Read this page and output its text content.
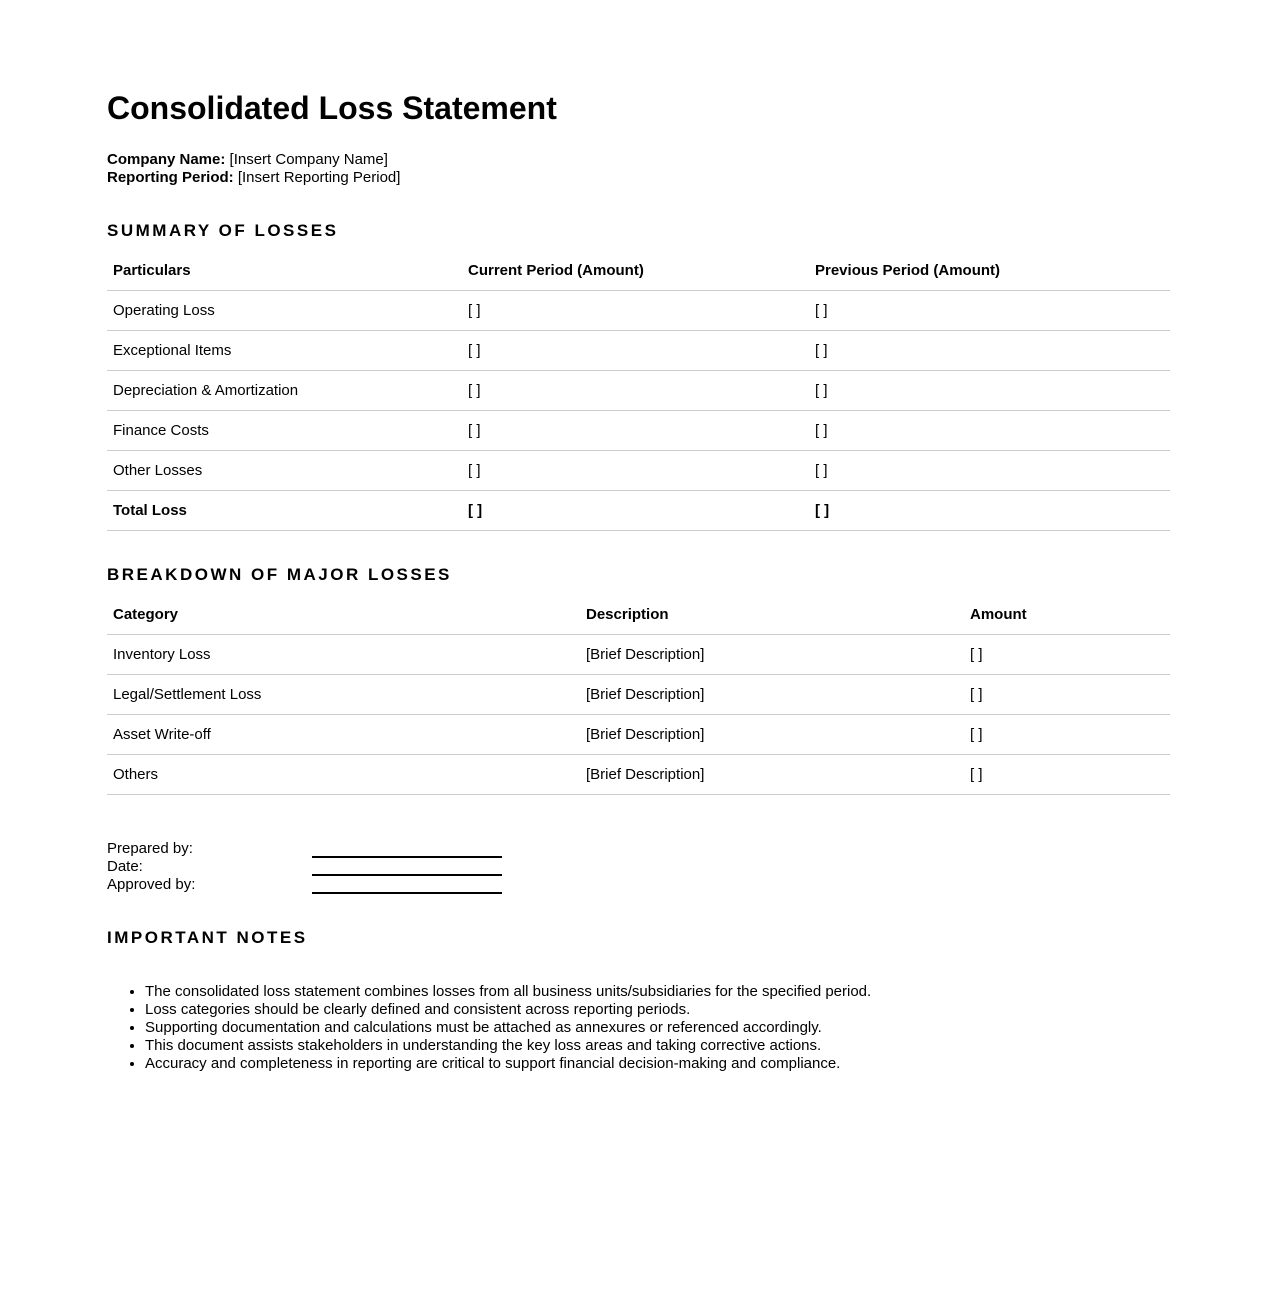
Consolidated Loss Statement

Company Name: [Insert Company Name]

Reporting Period: [Insert Reporting Period]

SUMMARY OF LOSSES
Particulars	Current Period (Amount)	Previous Period (Amount)
Operating Loss	[ ]	[ ]
Exceptional Items	[ ]	[ ]
Depreciation & Amortization	[ ]	[ ]
Finance Costs	[ ]	[ ]
Other Losses	[ ]	[ ]
Total Loss	[ ]	[ ]
BREAKDOWN OF MAJOR LOSSES
Category	Description	Amount
Inventory Loss	[Brief Description]	[ ]
Legal/Settlement Loss	[Brief Description]	[ ]
Asset Write-off	[Brief Description]	[ ]
Others	[Brief Description]	[ ]
Prepared by:
Date:
Approved by:
IMPORTANT NOTES
• The consolidated loss statement combines losses from all business units/subsidiaries for the specified period.
• Loss categories should be clearly defined and consistent across reporting periods.
• Supporting documentation and calculations must be attached as annexures or referenced accordingly.
• This document assists stakeholders in understanding the key loss areas and taking corrective actions.
• Accuracy and completeness in reporting are critical to support financial decision-making and compliance.
